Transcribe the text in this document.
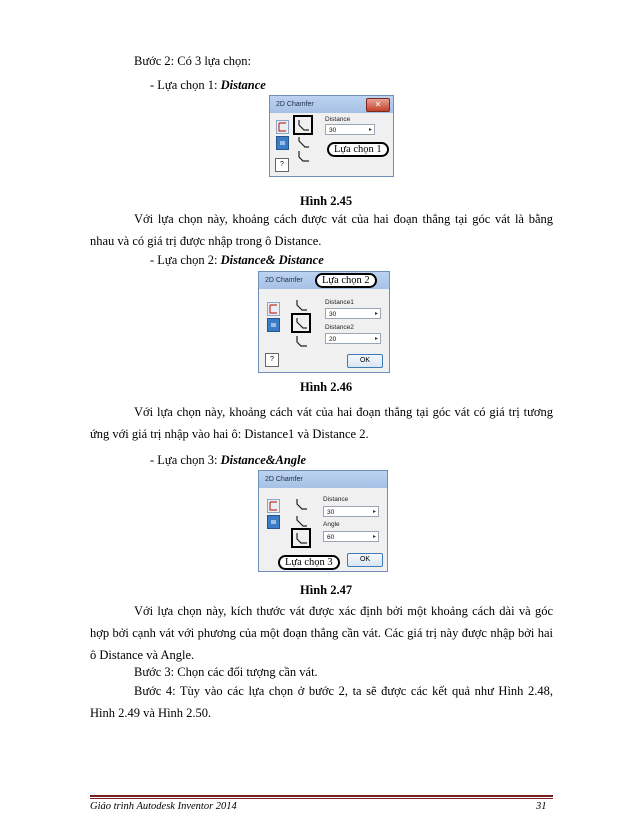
Bước 2: Có 3 lựa chọn:
- Lựa chọn 1: Distance
2D Chamfer	✕
Distance
30	▸
?
Lựa chọn 1
Hình 2.45
Với lựa chọn này, khoảng cách được vát của hai đoạn thẳng tại góc vát là bằng nhau và có giá trị được nhập trong ô Distance.
- Lựa chọn 2: Distance& Distance
2D Chamfer
Distance1
30	▸
Distance2
20	▸
?	OK
Lựa chọn 2
Hình 2.46
Với lựa chọn này, khoảng cách vát của hai đoạn thẳng tại góc vát có giá trị tương ứng với giá trị nhập vào hai ô: Distance1 và Distance 2.
- Lựa chọn 3: Distance&Angle
2D Chamfer
Distance
30	▸
Angle
60	▸
OK
Lựa chọn 3
Hình 2.47
Với lựa chọn này, kích thước vát được xác định bởi một khoảng cách dài và góc hợp bởi cạnh vát với phương của một đoạn thẳng cần vát. Các giá trị này được nhập bởi hai ô Distance và Angle.
Bước 3: Chọn các đối tượng cần vát.
Bước 4: Tùy vào các lựa chọn ở bước 2, ta sẽ được các kết quả như Hình 2.48, Hình 2.49 và Hình 2.50.
Giáo trình Autodesk Inventor 2014	31
